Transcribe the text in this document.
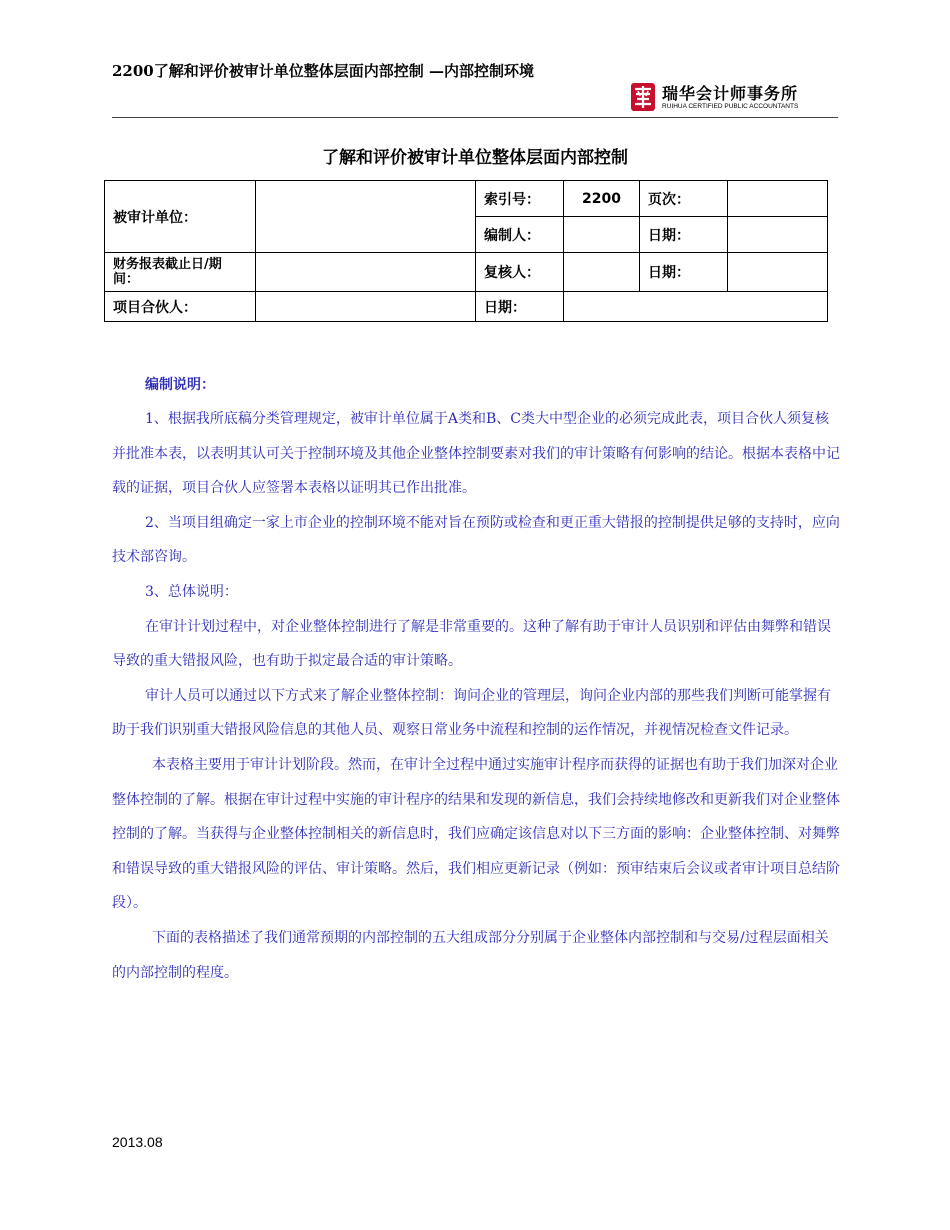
2200了解和评价被审计单位整体层面内部控制 —内部控制环境
瑞华会计师事务所
RUIHUA CERTIFIED PUBLIC ACCOUNTANTS
了解和评价被审计单位整体层面内部控制
被审计单位：		索引号：	2200	页次：	
		编制人：		日期：	
财务报表截止日/期间：		复核人：		日期：	
项目合伙人：		日期：			
编制说明：

1、根据我所底稿分类管理规定，被审计单位属于A类和B、C类大中型企业的必须完成此表，项目合伙人须复核并批准本表，以表明其认可关于控制环境及其他企业整体控制要素对我们的审计策略有何影响的结论。根据本表格中记载的证据，项目合伙人应签署本表格以证明其已作出批准。

2、当项目组确定一家上市企业的控制环境不能对旨在预防或检查和更正重大错报的控制提供足够的支持时，应向技术部咨询。

3、总体说明：

在审计计划过程中，对企业整体控制进行了解是非常重要的。这种了解有助于审计人员识别和评估由舞弊和错误导致的重大错报风险，也有助于拟定最合适的审计策略。

审计人员可以通过以下方式来了解企业整体控制：询问企业的管理层，询问企业内部的那些我们判断可能掌握有助于我们识别重大错报风险信息的其他人员、观察日常业务中流程和控制的运作情况，并视情况检查文件记录。

本表格主要用于审计计划阶段。然而，在审计全过程中通过实施审计程序而获得的证据也有助于我们加深对企业整体控制的了解。根据在审计过程中实施的审计程序的结果和发现的新信息，我们会持续地修改和更新我们对企业整体控制的了解。当获得与企业整体控制相关的新信息时，我们应确定该信息对以下三方面的影响：企业整体控制、对舞弊和错误导致的重大错报风险的评估、审计策略。然后，我们相应更新记录（例如：预审结束后会议或者审计项目总结阶段）。

下面的表格描述了我们通常预期的内部控制的五大组成部分分别属于企业整体内部控制和与交易/过程层面相关的内部控制的程度。

2013.08
